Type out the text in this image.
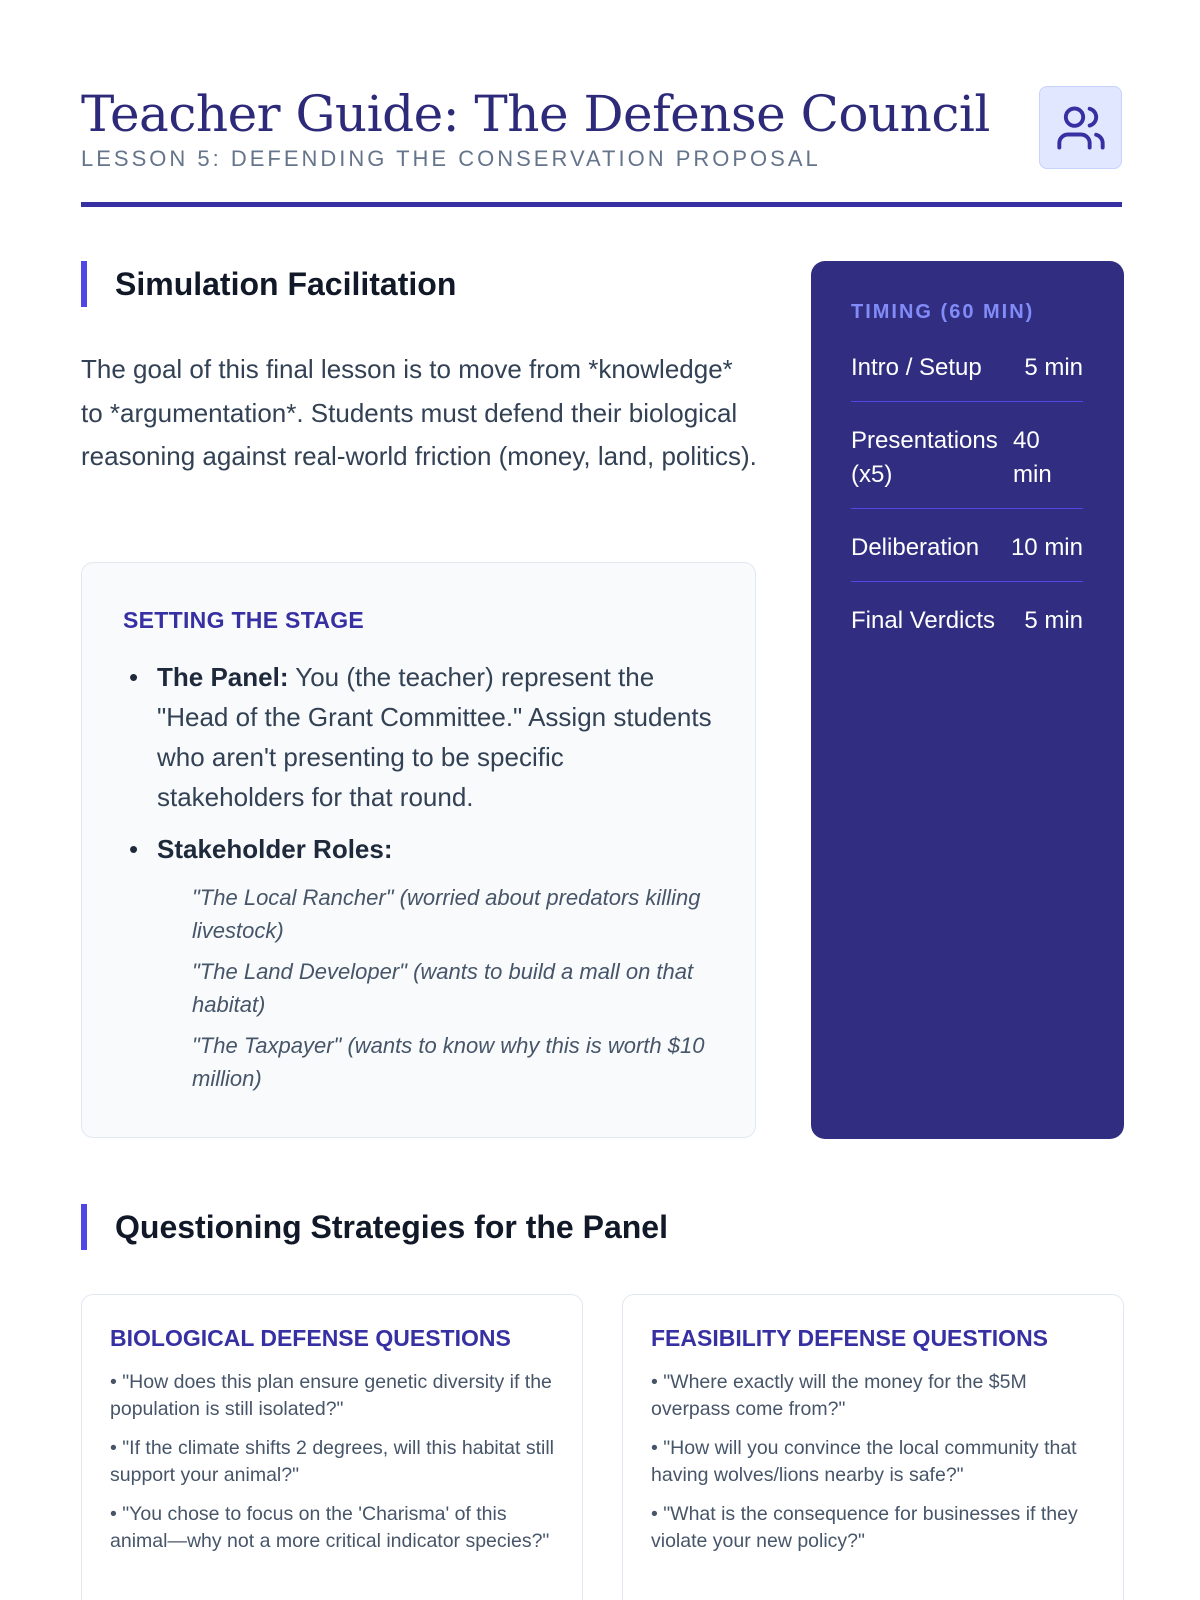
Teacher Guide: The Defense Council
LESSON 5: DEFENDING THE CONSERVATION PROPOSAL
Simulation Facilitation

The goal of this final lesson is to move from *knowledge* to *argumentation*. Students must defend their biological reasoning against real-world friction (money, land, politics).

SETTING THE STAGE
• The Panel: You (the teacher) represent the "Head of the Grant Committee." Assign students who aren't presenting to be specific stakeholders for that round.
• Stakeholder Roles:
"The Local Rancher" (worried about predators killing livestock)
"The Land Developer" (wants to build a mall on that habitat)
"The Taxpayer" (wants to know why this is worth $10 million)
TIMING (60 MIN)
Intro / Setup 5 min
Presentations (x5)
40 min
Deliberation 10 min
Final Verdicts 5 min
Questioning Strategies for the Panel
BIOLOGICAL DEFENSE QUESTIONS
• "How does this plan ensure genetic diversity if the population is still isolated?"
• "If the climate shifts 2 degrees, will this habitat still support your animal?"
• "You chose to focus on the 'Charisma' of this animal—why not a more critical indicator species?"
FEASIBILITY DEFENSE QUESTIONS
• "Where exactly will the money for the $5M overpass come from?"
• "How will you convince the local community that having wolves/lions nearby is safe?"
• "What is the consequence for businesses if they violate your new policy?"
